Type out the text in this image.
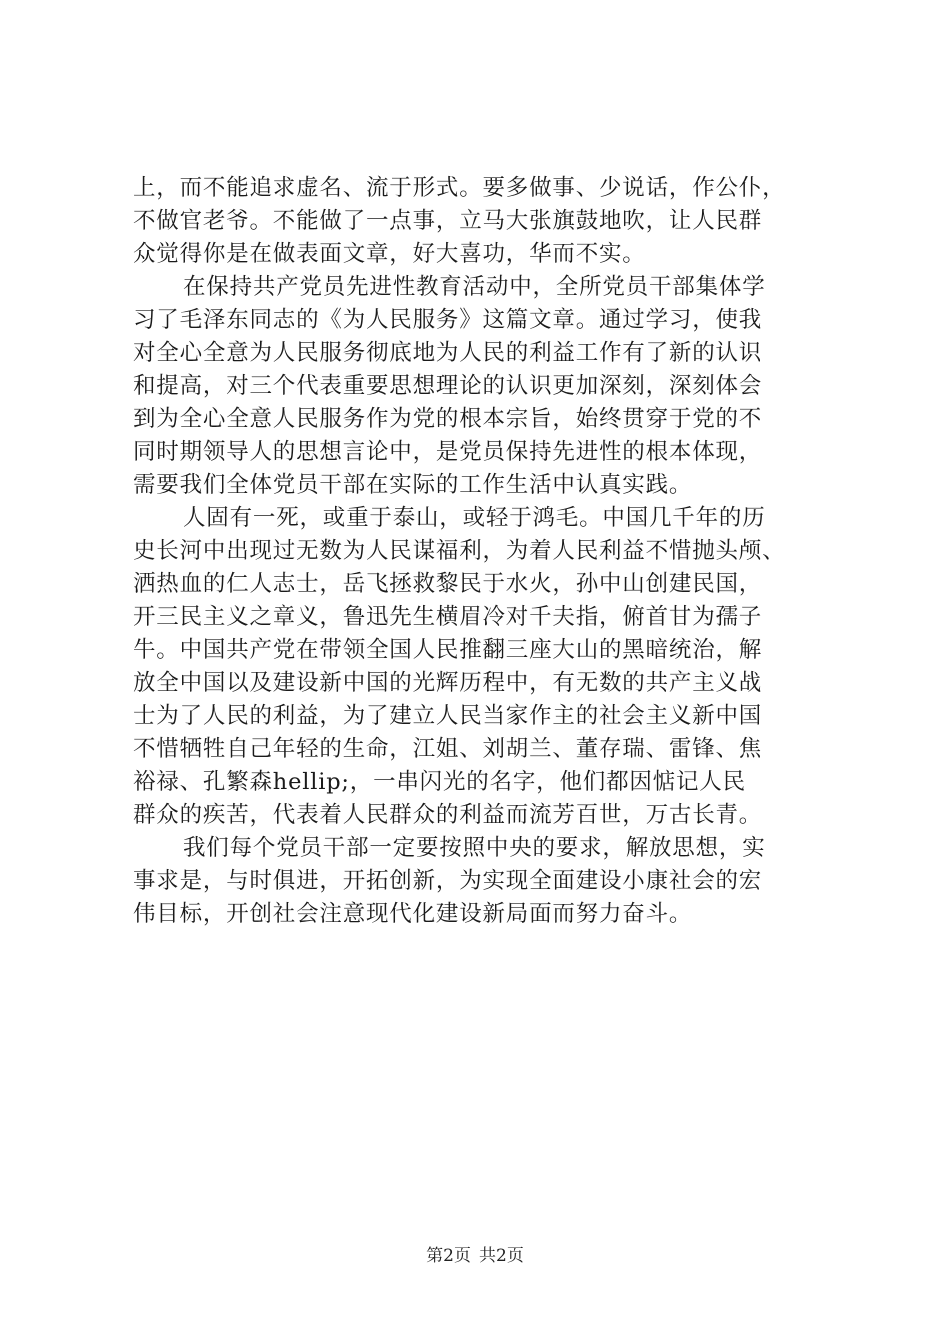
上，而不能追求虚名、流于形式。要多做事、少说话，作公仆，
不做官老爷。不能做了一点事，立马大张旗鼓地吹，让人民群
众觉得你是在做表面文章，好大喜功，华而不实。
在保持共产党员先进性教育活动中，全所党员干部集体学
习了毛泽东同志的《为人民服务》这篇文章。通过学习，使我
对全心全意为人民服务彻底地为人民的利益工作有了新的认识
和提高，对三个代表重要思想理论的认识更加深刻，深刻体会
到为全心全意人民服务作为党的根本宗旨，始终贯穿于党的不
同时期领导人的思想言论中，是党员保持先进性的根本体现，
需要我们全体党员干部在实际的工作生活中认真实践。
人固有一死，或重于泰山，或轻于鸿毛。中国几千年的历
史长河中出现过无数为人民谋福利，为着人民利益不惜抛头颅、
洒热血的仁人志士，岳飞拯救黎民于水火，孙中山创建民国，
开三民主义之章义，鲁迅先生横眉冷对千夫指，俯首甘为孺子
牛。中国共产党在带领全国人民推翻三座大山的黑暗统治，解
放全中国以及建设新中国的光辉历程中，有无数的共产主义战
士为了人民的利益，为了建立人民当家作主的社会主义新中国
不惜牺牲自己年轻的生命，江姐、刘胡兰、董存瑞、雷锋、焦
裕禄、孔繁森hellip;，一串闪光的名字，他们都因惦记人民
群众的疾苦，代表着人民群众的利益而流芳百世，万古长青。
我们每个党员干部一定要按照中央的要求，解放思想，实
事求是，与时俱进，开拓创新，为实现全面建设小康社会的宏
伟目标，开创社会注意现代化建设新局面而努力奋斗。
第2页 共2页
